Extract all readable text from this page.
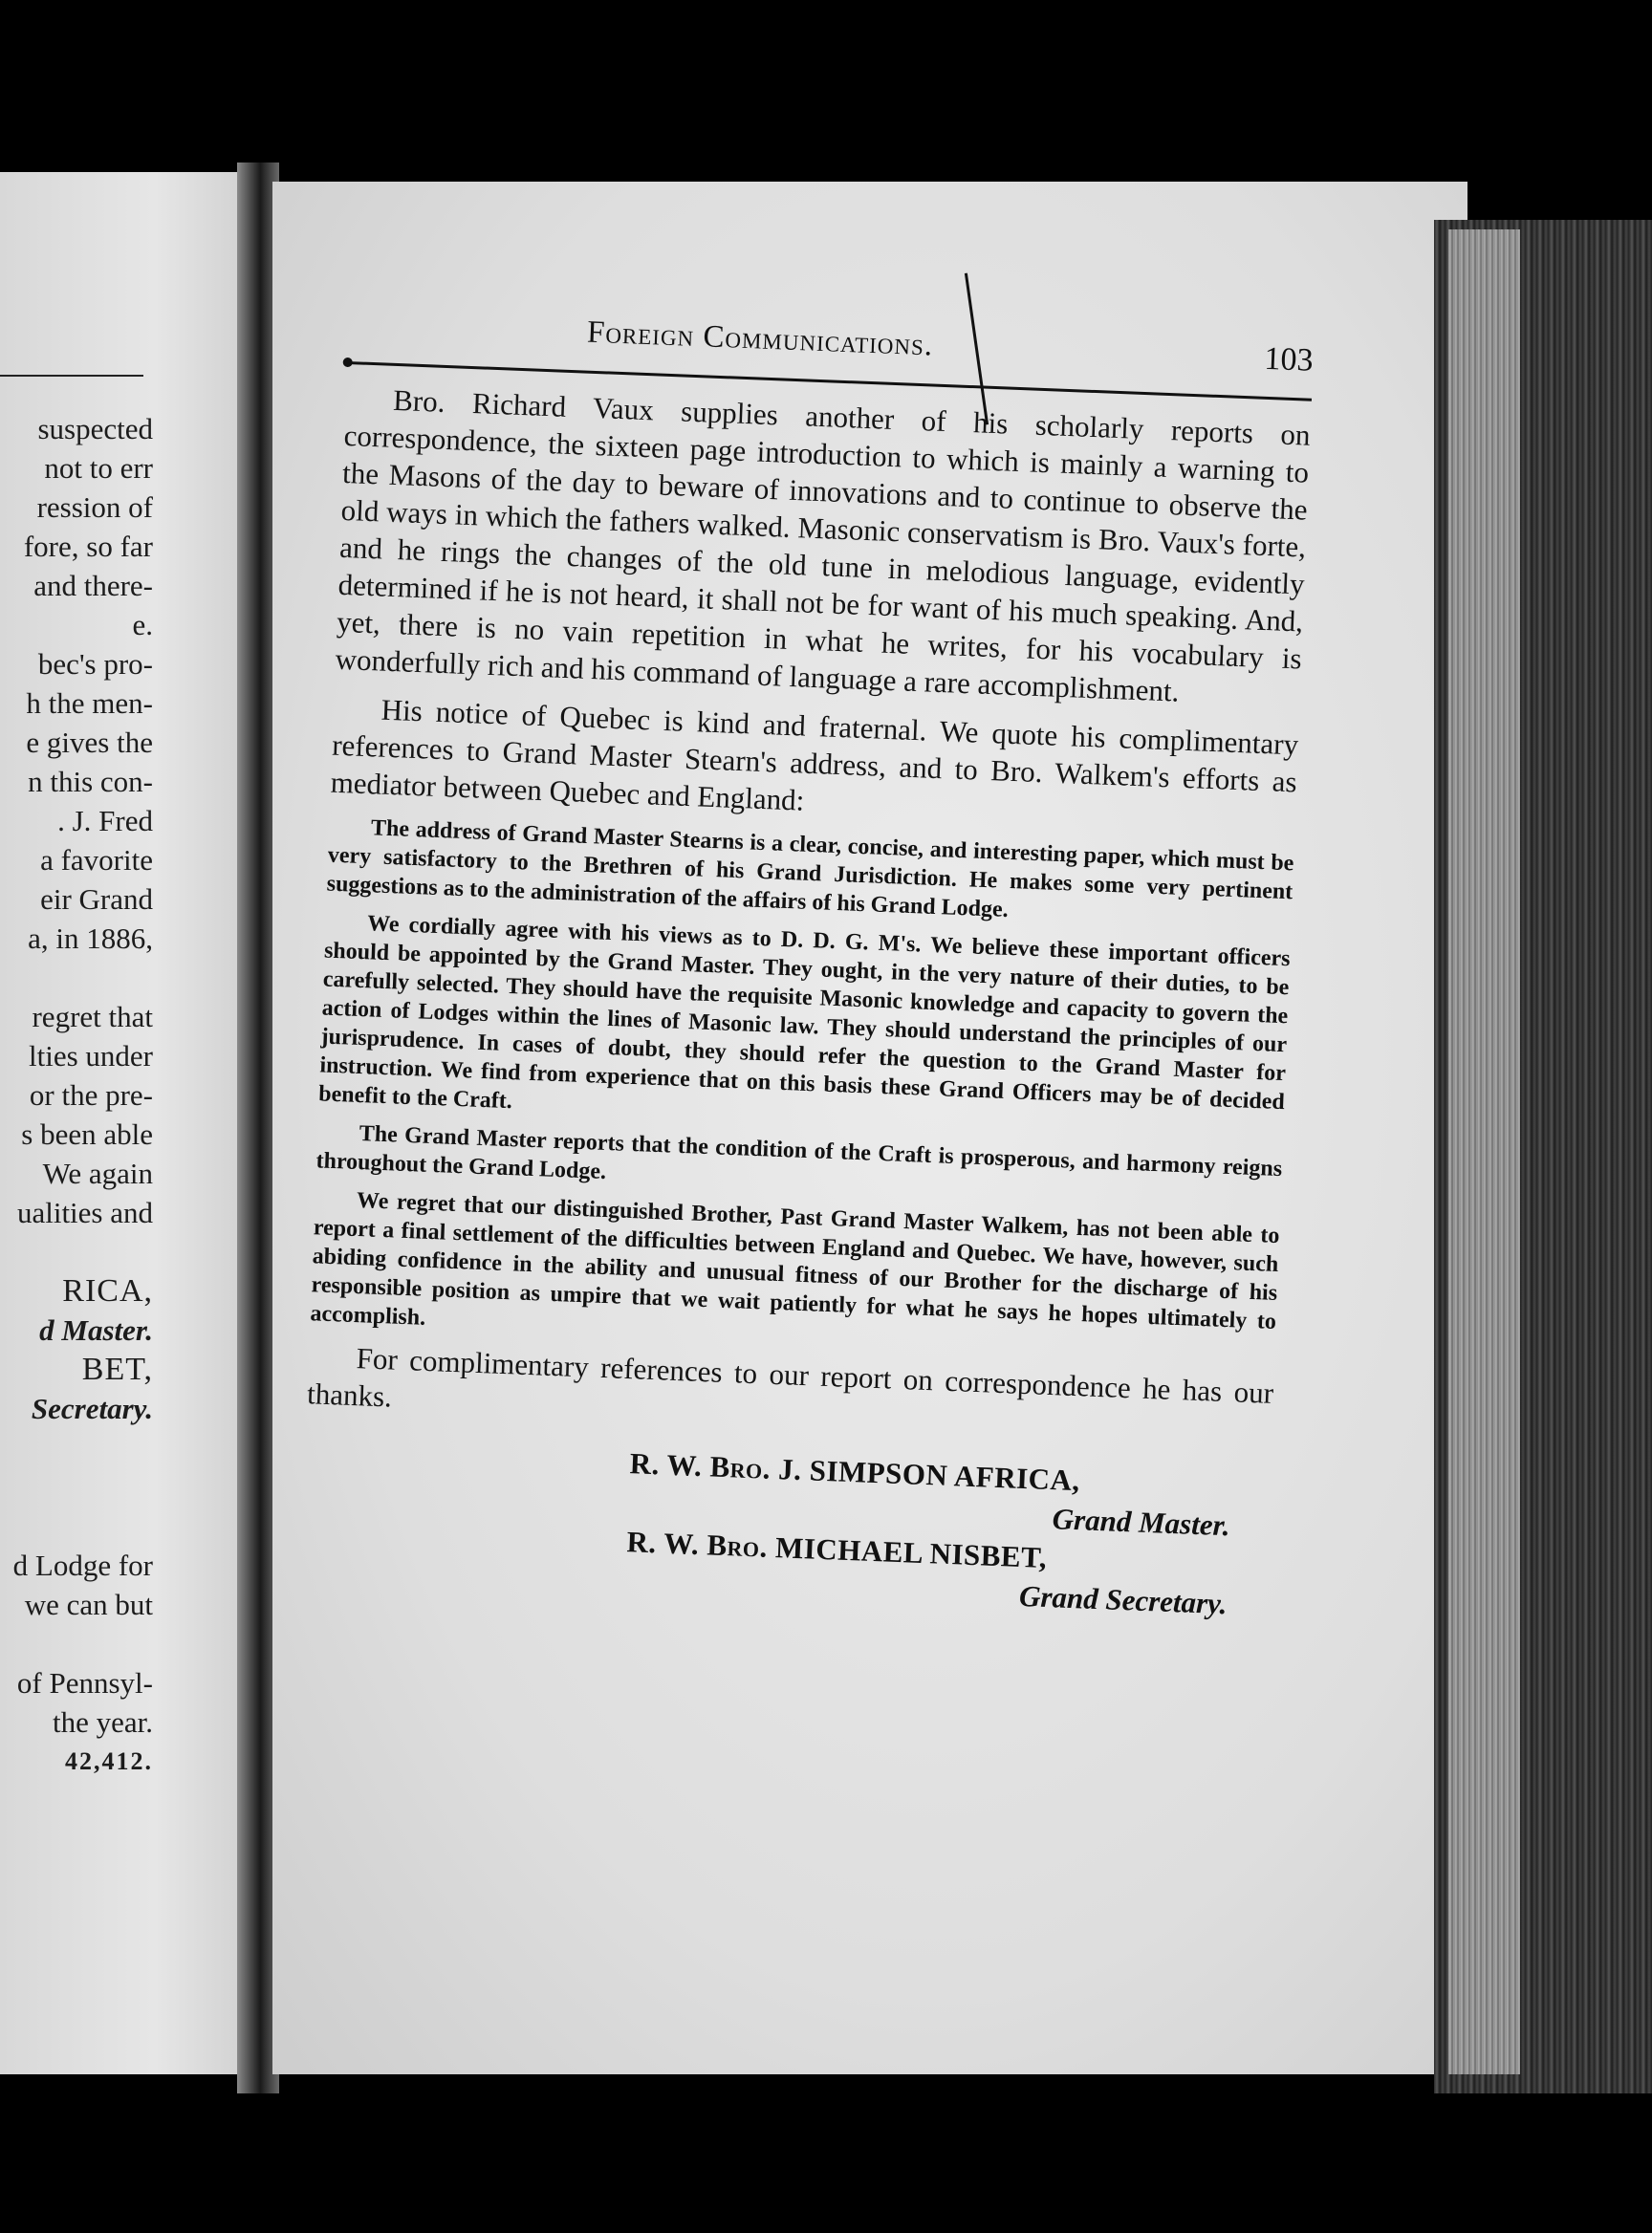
suspected
not to err
ression of
fore, so far
and there-
e.
bec's pro-
h the men-
e gives the
n this con-
. J. Fred
a favorite
eir Grand
a, in 1886,
regret that
lties under
or the pre-
s been able
We again
ualities and
RICA,
d Master.
BET,
Secretary.
d Lodge for
we can but
of Pennsyl-
the year.
42,412.
Foreign Communications.	103

Bro. Richard Vaux supplies another of his scholarly reports on correspondence, the sixteen page introduction to which is mainly a warning to the Masons of the day to beware of innovations and to continue to observe the old ways in which the fathers walked. Masonic conservatism is Bro. Vaux's forte, and he rings the changes of the old tune in melodious language, evidently determined if he is not heard, it shall not be for want of his much speaking. And, yet, there is no vain repetition in what he writes, for his vocabulary is wonderfully rich and his command of language a rare accomplishment.

His notice of Quebec is kind and fraternal. We quote his complimentary references to Grand Master Stearn's address, and to Bro. Walkem's efforts as mediator between Quebec and England:

The address of Grand Master Stearns is a clear, concise, and interesting paper, which must be very satisfactory to the Brethren of his Grand Jurisdiction. He makes some very pertinent suggestions as to the administration of the affairs of his Grand Lodge.

We cordially agree with his views as to D. D. G. M's. We believe these important officers should be appointed by the Grand Master. They ought, in the very nature of their duties, to be carefully selected. They should have the requisite Masonic knowledge and capacity to govern the action of Lodges within the lines of Masonic law. They should understand the principles of our jurisprudence. In cases of doubt, they should refer the question to the Grand Master for instruction. We find from experience that on this basis these Grand Officers may be of decided benefit to the Craft.

The Grand Master reports that the condition of the Craft is prosperous, and harmony reigns throughout the Grand Lodge.

We regret that our distinguished Brother, Past Grand Master Walkem, has not been able to report a final settlement of the difficulties between England and Quebec. We have, however, such abiding confidence in the ability and unusual fitness of our Brother for the discharge of his responsible position as umpire that we wait patiently for what he says he hopes ultimately to accomplish.

For complimentary references to our report on correspondence he has our thanks.

R. W. Bro. J. SIMPSON AFRICA,
Grand Master.
R. W. Bro. MICHAEL NISBET,
Grand Secretary.
